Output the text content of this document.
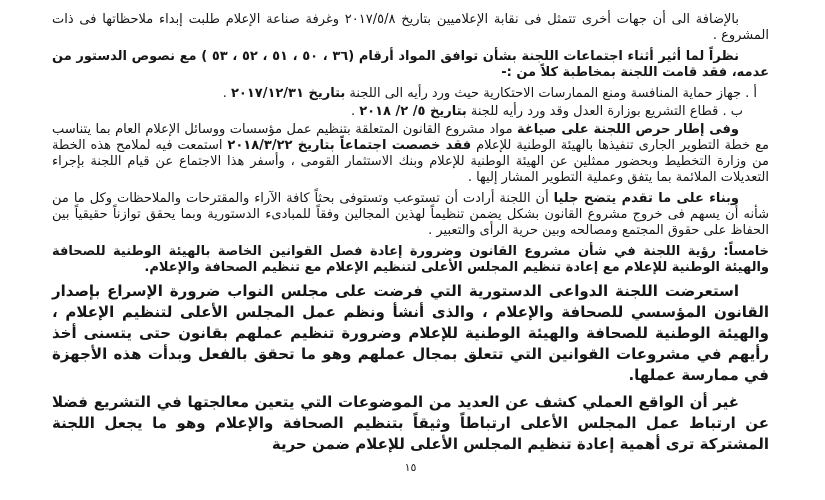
بالإضافة الى أن جهات أخرى تتمثل فى نقابة الإعلاميين بتاريخ ٢٠١٧/٥/٨ وغرفة صناعة الإعلام طلبت إبداء ملاحظاتها فى ذات المشروع .

نظراً لما أثير أثناء اجتماعات اللجنة بشأن توافق المواد أرقام (٣٦ ، ٥٠ ، ٥١ ، ٥٢ ، ٥٣ ) مع نصوص الدستور من عدمه، فقد قامت اللجنة بمخاطبة كلاً من :-

أ . جهاز حماية المنافسة ومنع الممارسات الاحتكارية حيث ورد رأيه الى اللجنة بتاريخ ٢٠١٧/١٢/٣١ .
ب . قطاع التشريع بوزارة العدل وقد ورد رأيه للجنة بتاريخ ٥/ ٢/ ٢٠١٨ .

وفى إطار حرص اللجنة على صياغة مواد مشروع القانون المتعلقة بتنظيم عمل مؤسسات ووسائل الإعلام العام بما يتناسب مع خطة التطوير الجارى تنفيذها بالهيئة الوطنية للإعلام فقد خصصت اجتماعاً بتاريخ ٢٠١٨/٣/٢٢ استمعت فيه لملامح هذه الخطة من وزارة التخطيط وبحضور ممثلين عن الهيئة الوطنية للإعلام وبنك الاستثمار القومى ، وأسفر هذا الاجتماع عن قيام اللجنة بإجراء التعديلات الملائمة بما يتفق وعملية التطوير المشار إليها .

وبناء على ما تقدم يتضح جليا أن اللجنة أرادت أن تستوعب وتستوفى بحثاً كافة الآراء والمقترحات والملاحظات وكل ما من شأنه أن يسهم فى خروج مشروع القانون بشكل يضمن تنظيماً لهذين المجالين وفقاً للمبادىء الدستورية وبما يحقق توازناً حقيقياً بين الحفاظ على حقوق المجتمع ومصالحه وبين حرية الرأى والتعبير .

خامساً: رؤية اللجنة في شأن مشروع القانون وضرورة إعادة فصل القوانين الخاصة بالهيئة الوطنية للصحافة والهيئة الوطنية للإعلام مع إعادة تنظيم المجلس الأعلى لتنظيم الإعلام مع تنظيم الصحافة والإعلام.

استعرضت اللجنة الدواعى الدستورية التي فرضت على مجلس النواب ضرورة الإسراع بإصدار القانون المؤسسي للصحافة والإعلام ، والذى أنشأ ونظم عمل المجلس الأعلى لتنظيم الإعلام ، والهيئة الوطنية للصحافة والهيئة الوطنية للإعلام وضرورة تنظيم عملهم بقانون حتى يتسنى أخذ رأيهم في مشروعات القوانين التي تتعلق بمجال عملهم وهو ما تحقق بالفعل وبدأت هذه الأجهزة في ممارسة عملها.

غير أن الواقع العملي كشف عن العديد من الموضوعات التي يتعين معالجتها في التشريع فضلا عن ارتباط عمل المجلس الأعلى ارتباطاً وثيقاً بتنظيم الصحافة والإعلام وهو ما يجعل اللجنة المشتركة ترى أهمية إعادة تنظيم المجلس الأعلى للإعلام ضمن حرية

١٥
